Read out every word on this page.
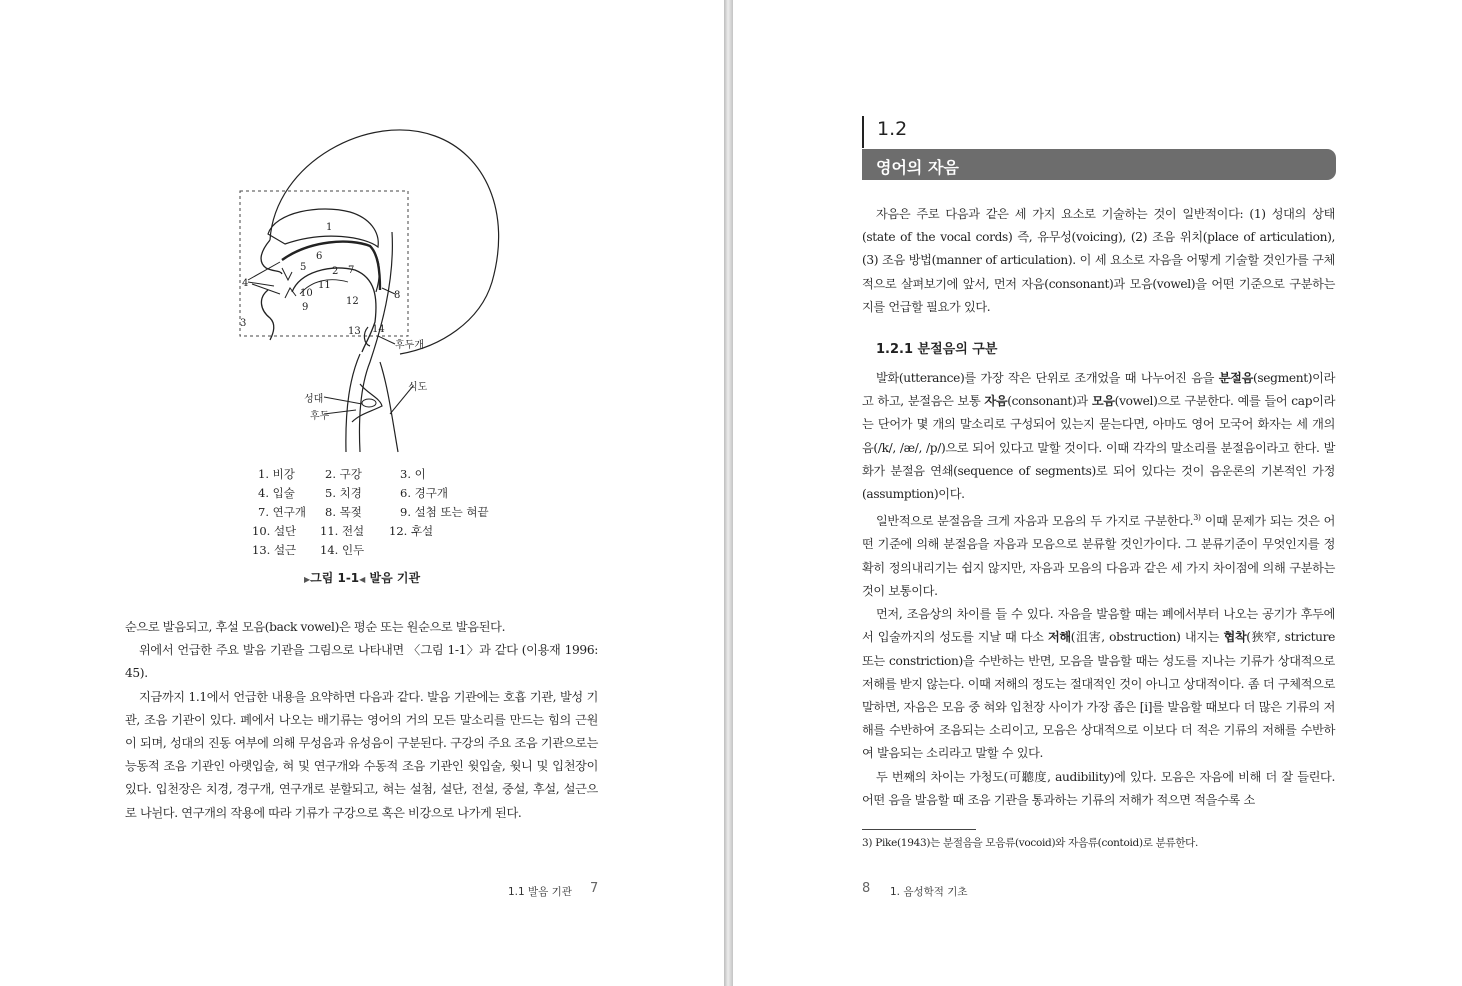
1
2
3
4
5
6
7
8
9
10
11
12
13 14
후두개
식도
성대
후두
1. 비강	2. 구강	3. 이
4. 입술	5. 치경	6. 경구개
7. 연구개 8. 목젖	9. 설첨 또는 혀끝
10. 설단 11. 전설 12. 후설
13. 설근 14. 인두
▶그림 1-1◀ 발음 기관

순으로 발음되고, 후설 모음(back vowel)은 평순 또는 원순으로 발음된다.

위에서 언급한 주요 발음 기관을 그림으로 나타내면 〈그림 1-1〉과 같다 (이용재 1996: 45).

지금까지 1.1에서 언급한 내용을 요약하면 다음과 같다. 발음 기관에는 호흡 기관, 발성 기관, 조음 기관이 있다. 폐에서 나오는 배기류는 영어의 거의 모든 말소리를 만드는 힘의 근원이 되며, 성대의 진동 여부에 의해 무성음과 유성음이 구분된다. 구강의 주요 조음 기관으로는 능동적 조음 기관인 아랫입술, 혀 및 연구개와 수동적 조음 기관인 윗입술, 윗니 및 입천장이 있다. 입천장은 치경, 경구개, 연구개로 분할되고, 혀는 설첨, 설단, 전설, 중설, 후설, 설근으로 나뉜다. 연구개의 작용에 따라 기류가 구강으로 혹은 비강으로 나가게 된다.

1.1 발음 기관 7
1.2
영어의 자음
자음은 주로 다음과 같은 세 가지 요소로 기술하는 것이 일반적이다: (1) 성대의 상태(state of the vocal cords) 즉, 유무성(voicing), (2) 조음 위치(place of articulation), (3) 조음 방법(manner of articulation). 이 세 요소로 자음을 어떻게 기술할 것인가를 구체적으로 살펴보기에 앞서, 먼저 자음(consonant)과 모음(vowel)을 어떤 기준으로 구분하는지를 언급할 필요가 있다.
1.2.1 분절음의 구분

발화(utterance)를 가장 작은 단위로 조개었을 때 나누어진 음을 분절음(segment)이라고 하고, 분절음은 보통 자음(consonant)과 모음(vowel)으로 구분한다. 예를 들어 cap이라는 단어가 몇 개의 말소리로 구성되어 있는지 묻는다면, 아마도 영어 모국어 화자는 세 개의 음(/k/, /æ/, /p/)으로 되어 있다고 말할 것이다. 이때 각각의 말소리를 분절음이라고 한다. 발화가 분절음 연쇄(sequence of segments)로 되어 있다는 것이 음운론의 기본적인 가정(assumption)이다.

일반적으로 분절음을 크게 자음과 모음의 두 가지로 구분한다.$^{3)}$ 이때 문제가 되는 것은 어떤 기준에 의해 분절음을 자음과 모음으로 분류할 것인가이다. 그 분류기준이 무엇인지를 정확히 정의내리기는 쉽지 않지만, 자음과 모음의 다음과 같은 세 가지 차이점에 의해 구분하는 것이 보통이다.

먼저, 조음상의 차이를 들 수 있다. 자음을 발음할 때는 폐에서부터 나오는 공기가 후두에서 입술까지의 성도를 지날 때 다소 저해(沮害, obstruction) 내지는 협착(狹窄, stricture 또는 constriction)을 수반하는 반면, 모음을 발음할 때는 성도를 지나는 기류가 상대적으로 저해를 받지 않는다. 이때 저해의 정도는 절대적인 것이 아니고 상대적이다. 좀 더 구체적으로 말하면, 자음은 모음 중 혀와 입천장 사이가 가장 좁은 [i]를 발음할 때보다 더 많은 기류의 저해를 수반하여 조음되는 소리이고, 모음은 상대적으로 이보다 더 적은 기류의 저해를 수반하여 발음되는 소리라고 말할 수 있다.

두 번째의 차이는 가청도(可聽度, audibility)에 있다. 모음은 자음에 비해 더 잘 들린다. 어떤 음을 발음할 때 조음 기관을 통과하는 기류의 저해가 적으면 적을수록 소

3) Pike(1943)는 분절음을 모음류(vocoid)와 자음류(contoid)로 분류한다.
8 1. 음성학적 기초
